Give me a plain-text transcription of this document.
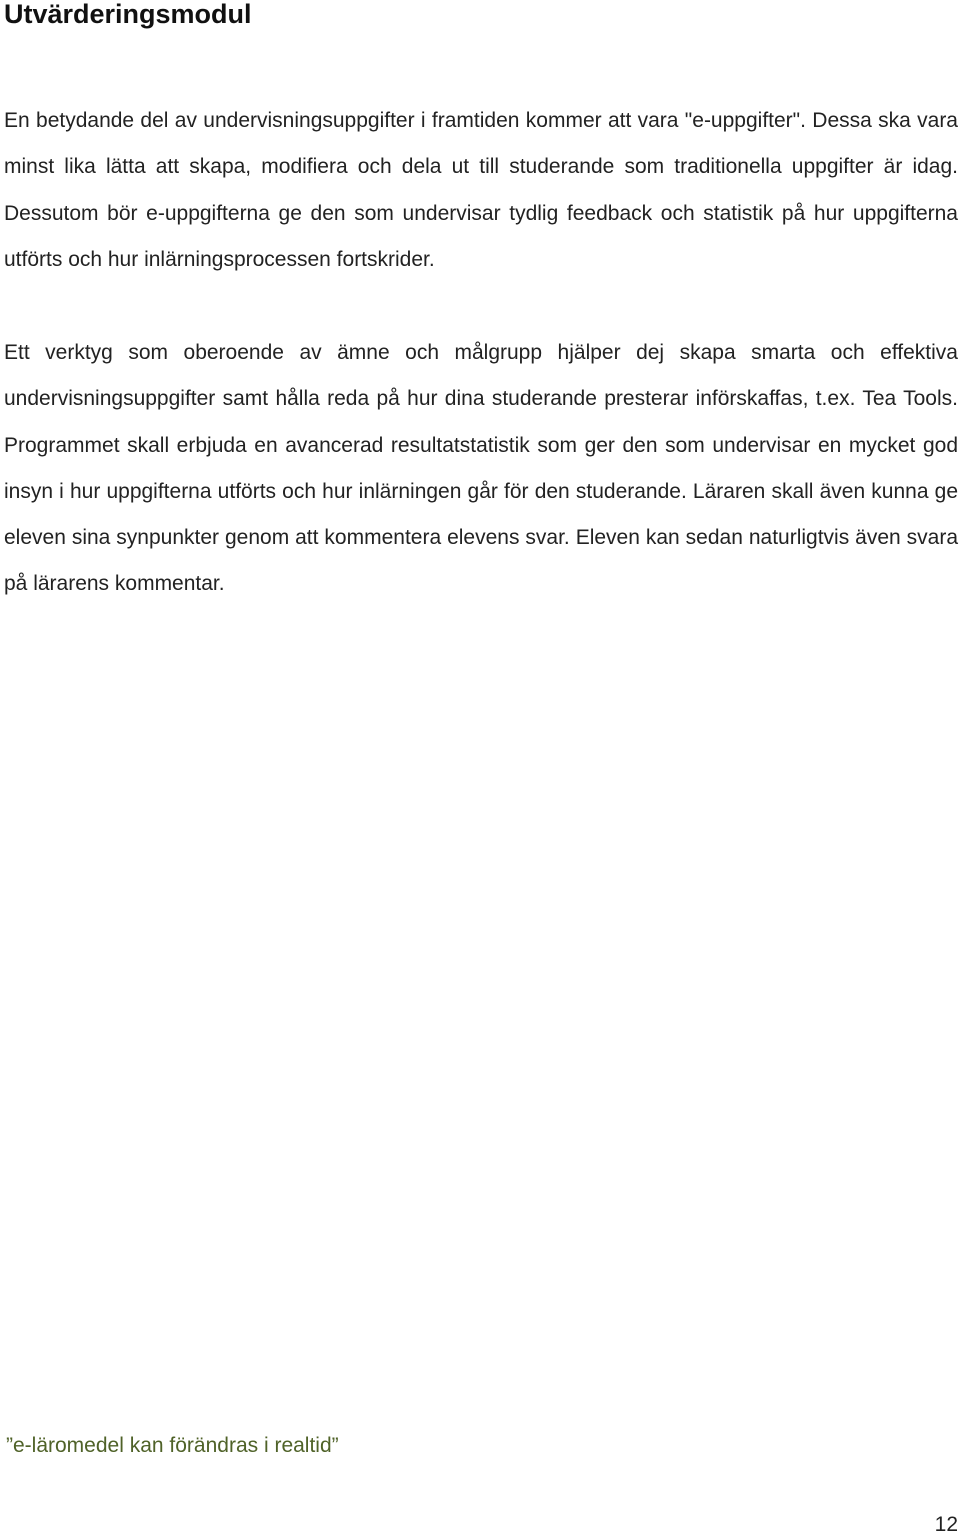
Utvärderingsmodul

En betydande del av undervisningsuppgifter i framtiden kommer att vara "e-uppgifter". Dessa ska vara minst lika lätta att skapa, modifiera och dela ut till studerande som traditionella uppgifter är idag. Dessutom bör e-uppgifterna ge den som undervisar tydlig feedback och statistik på hur uppgifterna utförts och hur inlärningsprocessen fortskrider.

Ett verktyg som oberoende av ämne och målgrupp hjälper dej skapa smarta och effektiva undervisningsuppgifter samt hålla reda på hur dina studerande presterar införskaffas, t.ex. Tea Tools. Programmet skall erbjuda en avancerad resultatstatistik som ger den som undervisar en mycket god insyn i hur uppgifterna utförts och hur inlärningen går för den studerande. Läraren skall även kunna ge eleven sina synpunkter genom att kommentera elevens svar. Eleven kan sedan naturligtvis även svara på lärarens kommentar.

”e-läromedel kan förändras i realtid”

12
